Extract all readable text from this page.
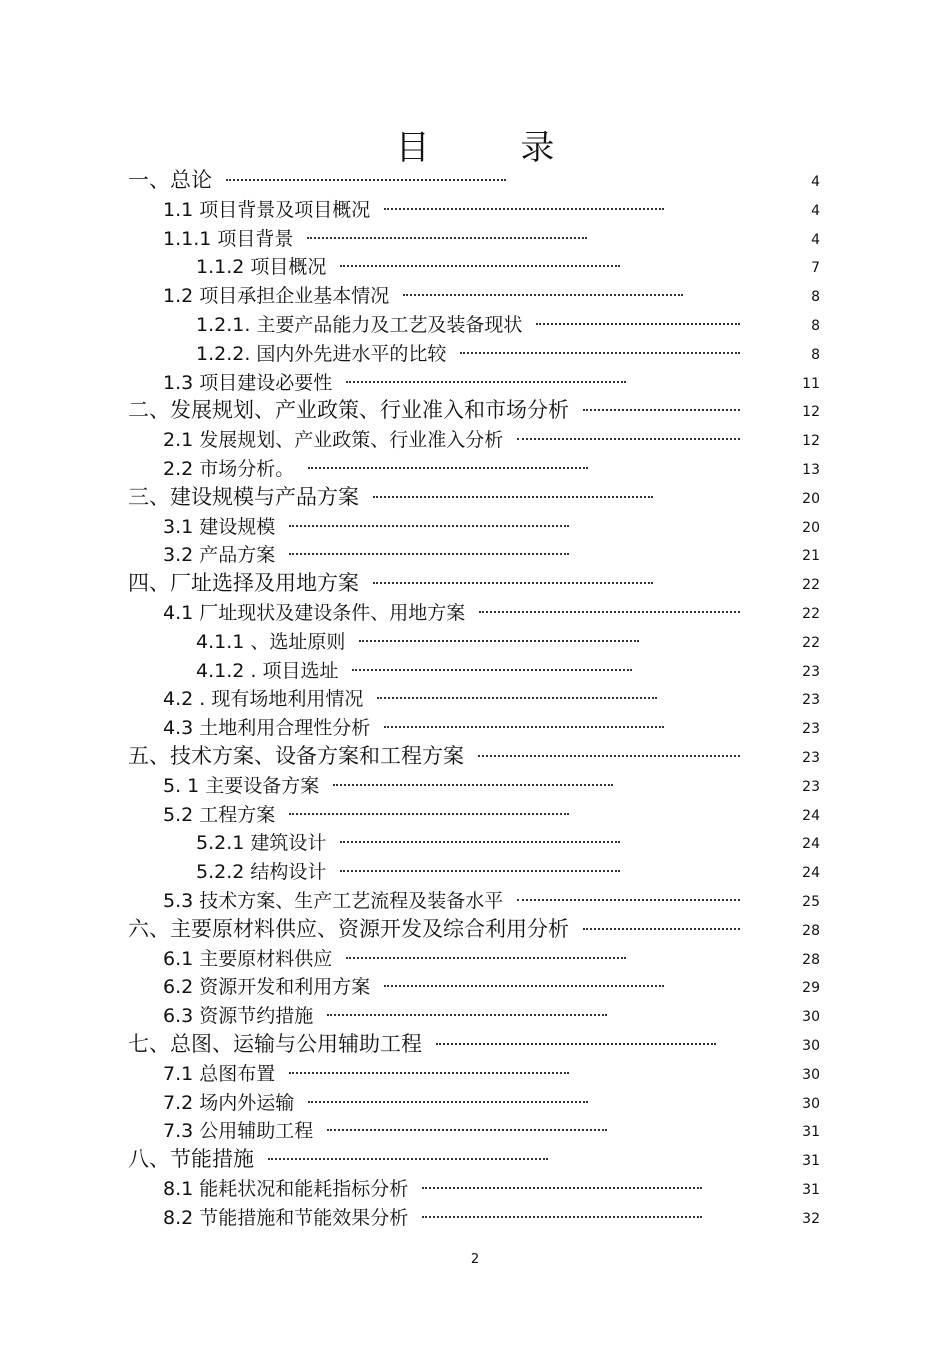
目 录
一、总论	4
1.1 项目背景及项目概况	4
1.1.1 项目背景	4
1.1.2 项目概况	7
1.2 项目承担企业基本情况	8
1.2.1. 主要产品能力及工艺及装备现状	8
1.2.2. 国内外先进水平的比较	8
1.3 项目建设必要性	11
二、发展规划、产业政策、行业准入和市场分析	12
2.1 发展规划、产业政策、行业准入分析	12
2.2 市场分析。	13
三、建设规模与产品方案	20
3.1 建设规模	20
3.2 产品方案	21
四、厂址选择及用地方案	22
4.1 厂址现状及建设条件、用地方案	22
4.1.1 、选址原则	22
4.1.2 . 项目选址	23
4.2 . 现有场地利用情况	23
4.3 土地利用合理性分析	23
五、技术方案、设备方案和工程方案	23
5. 1 主要设备方案	23
5.2 工程方案	24
5.2.1 建筑设计	24
5.2.2 结构设计	24
5.3 技术方案、生产工艺流程及装备水平	25
六、主要原材料供应、资源开发及综合利用分析	28
6.1 主要原材料供应	28
6.2 资源开发和利用方案	29
6.3 资源节约措施	30
七、总图、运输与公用辅助工程	30
7.1 总图布置	30
7.2 场内外运输	30
7.3 公用辅助工程	31
八、节能措施	31
8.1 能耗状况和能耗指标分析	31
8.2 节能措施和节能效果分析	32
2
